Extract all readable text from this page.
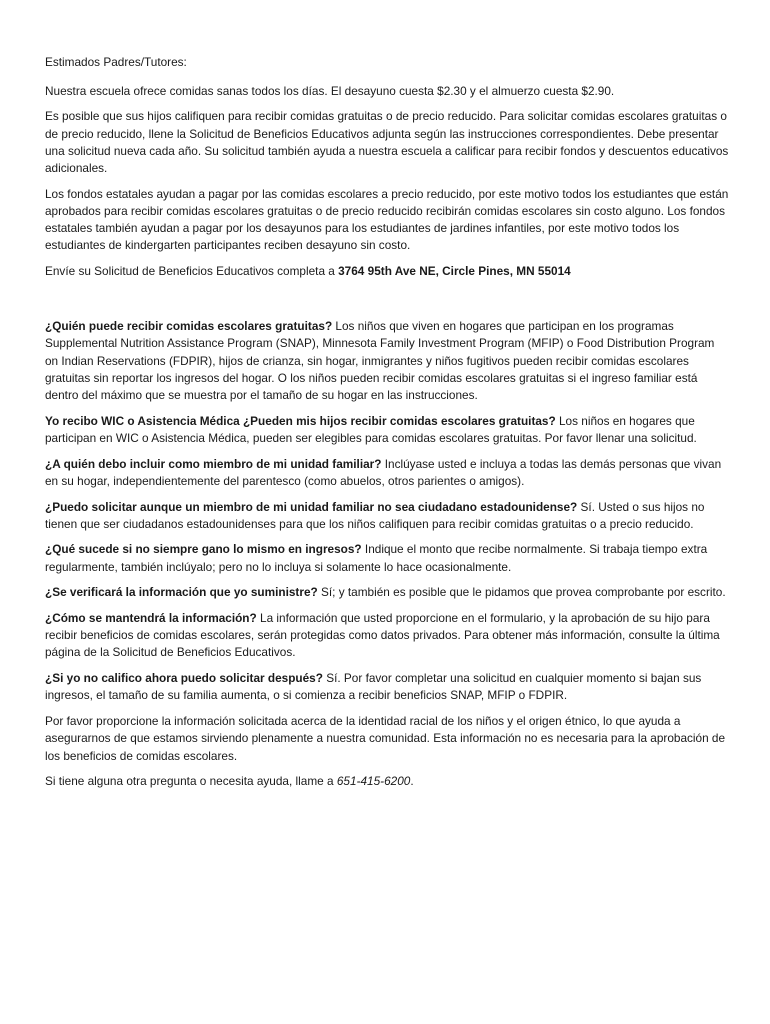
Estimados Padres/Tutores:

Nuestra escuela ofrece comidas sanas todos los días. El desayuno cuesta $2.30 y el almuerzo cuesta $2.90.

Es posible que sus hijos califiquen para recibir comidas gratuitas o de precio reducido. Para solicitar comidas escolares gratuitas o de precio reducido, llene la Solicitud de Beneficios Educativos adjunta según las instrucciones correspondientes. Debe presentar una solicitud nueva cada año. Su solicitud también ayuda a nuestra escuela a calificar para recibir fondos y descuentos educativos adicionales.

Los fondos estatales ayudan a pagar por las comidas escolares a precio reducido, por este motivo todos los estudiantes que están aprobados para recibir comidas escolares gratuitas o de precio reducido recibirán comidas escolares sin costo alguno. Los fondos estatales también ayudan a pagar por los desayunos para los estudiantes de jardines infantiles, por este motivo todos los estudiantes de kindergarten participantes reciben desayuno sin costo.

Envíe su Solicitud de Beneficios Educativos completa a 3764 95th Ave NE, Circle Pines, MN 55014

¿Quién puede recibir comidas escolares gratuitas? Los niños que viven en hogares que participan en los programas Supplemental Nutrition Assistance Program (SNAP), Minnesota Family Investment Program (MFIP) o Food Distribution Program on Indian Reservations (FDPIR), hijos de crianza, sin hogar, inmigrantes y niños fugitivos pueden recibir comidas escolares gratuitas sin reportar los ingresos del hogar. O los niños pueden recibir comidas escolares gratuitas si el ingreso familiar está dentro del máximo que se muestra por el tamaño de su hogar en las instrucciones.

Yo recibo WIC o Asistencia Médica ¿Pueden mis hijos recibir comidas escolares gratuitas? Los niños en hogares que participan en WIC o Asistencia Médica, pueden ser elegibles para comidas escolares gratuitas. Por favor llenar una solicitud.

¿A quién debo incluir como miembro de mi unidad familiar? Inclúyase usted e incluya a todas las demás personas que vivan en su hogar, independientemente del parentesco (como abuelos, otros parientes o amigos).

¿Puedo solicitar aunque un miembro de mi unidad familiar no sea ciudadano estadounidense? Sí. Usted o sus hijos no tienen que ser ciudadanos estadounidenses para que los niños califiquen para recibir comidas gratuitas o a precio reducido.

¿Qué sucede si no siempre gano lo mismo en ingresos? Indique el monto que recibe normalmente. Si trabaja tiempo extra regularmente, también inclúyalo; pero no lo incluya si solamente lo hace ocasionalmente.

¿Se verificará la información que yo suministre? Sí; y también es posible que le pidamos que provea comprobante por escrito.

¿Cómo se mantendrá la información? La información que usted proporcione en el formulario, y la aprobación de su hijo para recibir beneficios de comidas escolares, serán protegidas como datos privados. Para obtener más información, consulte la última página de la Solicitud de Beneficios Educativos.

¿Si yo no califico ahora puedo solicitar después? Sí. Por favor completar una solicitud en cualquier momento si bajan sus ingresos, el tamaño de su familia aumenta, o si comienza a recibir beneficios SNAP, MFIP o FDPIR.

Por favor proporcione la información solicitada acerca de la identidad racial de los niños y el origen étnico, lo que ayuda a asegurarnos de que estamos sirviendo plenamente a nuestra comunidad. Esta información no es necesaria para la aprobación de los beneficios de comidas escolares.

Si tiene alguna otra pregunta o necesita ayuda, llame a 651-415-6200.
